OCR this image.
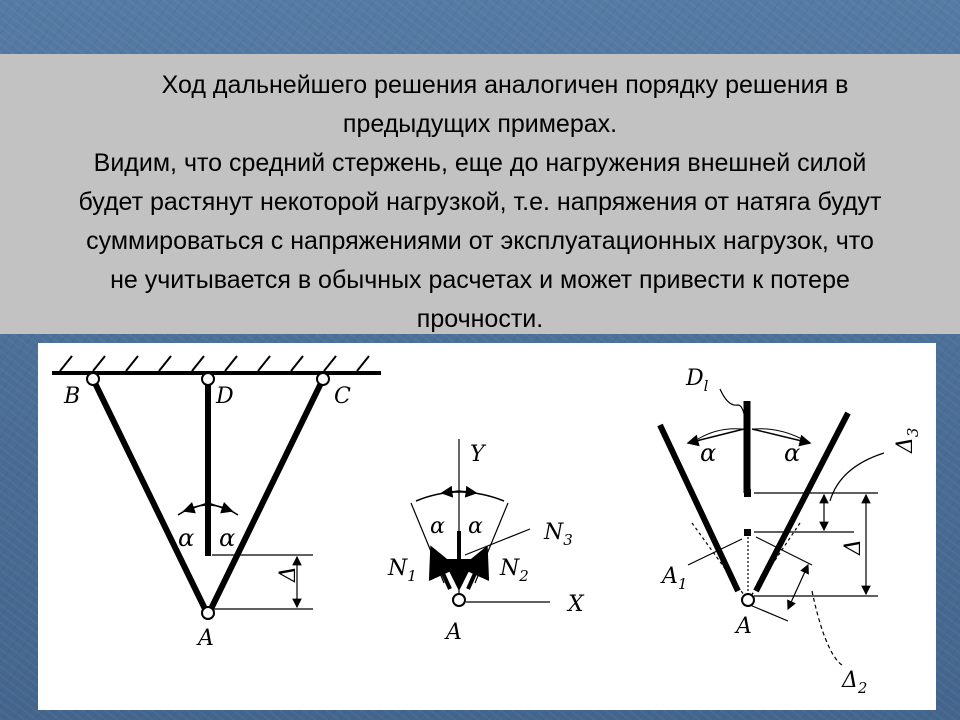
Ход дальнейшего решения аналогичен порядку решения в
предыдущих примерах.

Видим, что средний стержень, еще до нагружения внешней силой
будет растянут некоторой нагрузкой, т.е. напряжения от натяга будут
суммироваться с напряжениями от эксплуатационных нагрузок, что
не учитывается в обычных расчетах и может привести к потере
прочности.

α α
B	D	C
A
Δ
Y
X
α α
$N_1$	$N_2$
$N_3$
A
α	α
$D_l$
Δ
$\Delta_3$
$\Delta_2$
$A_1$
A
